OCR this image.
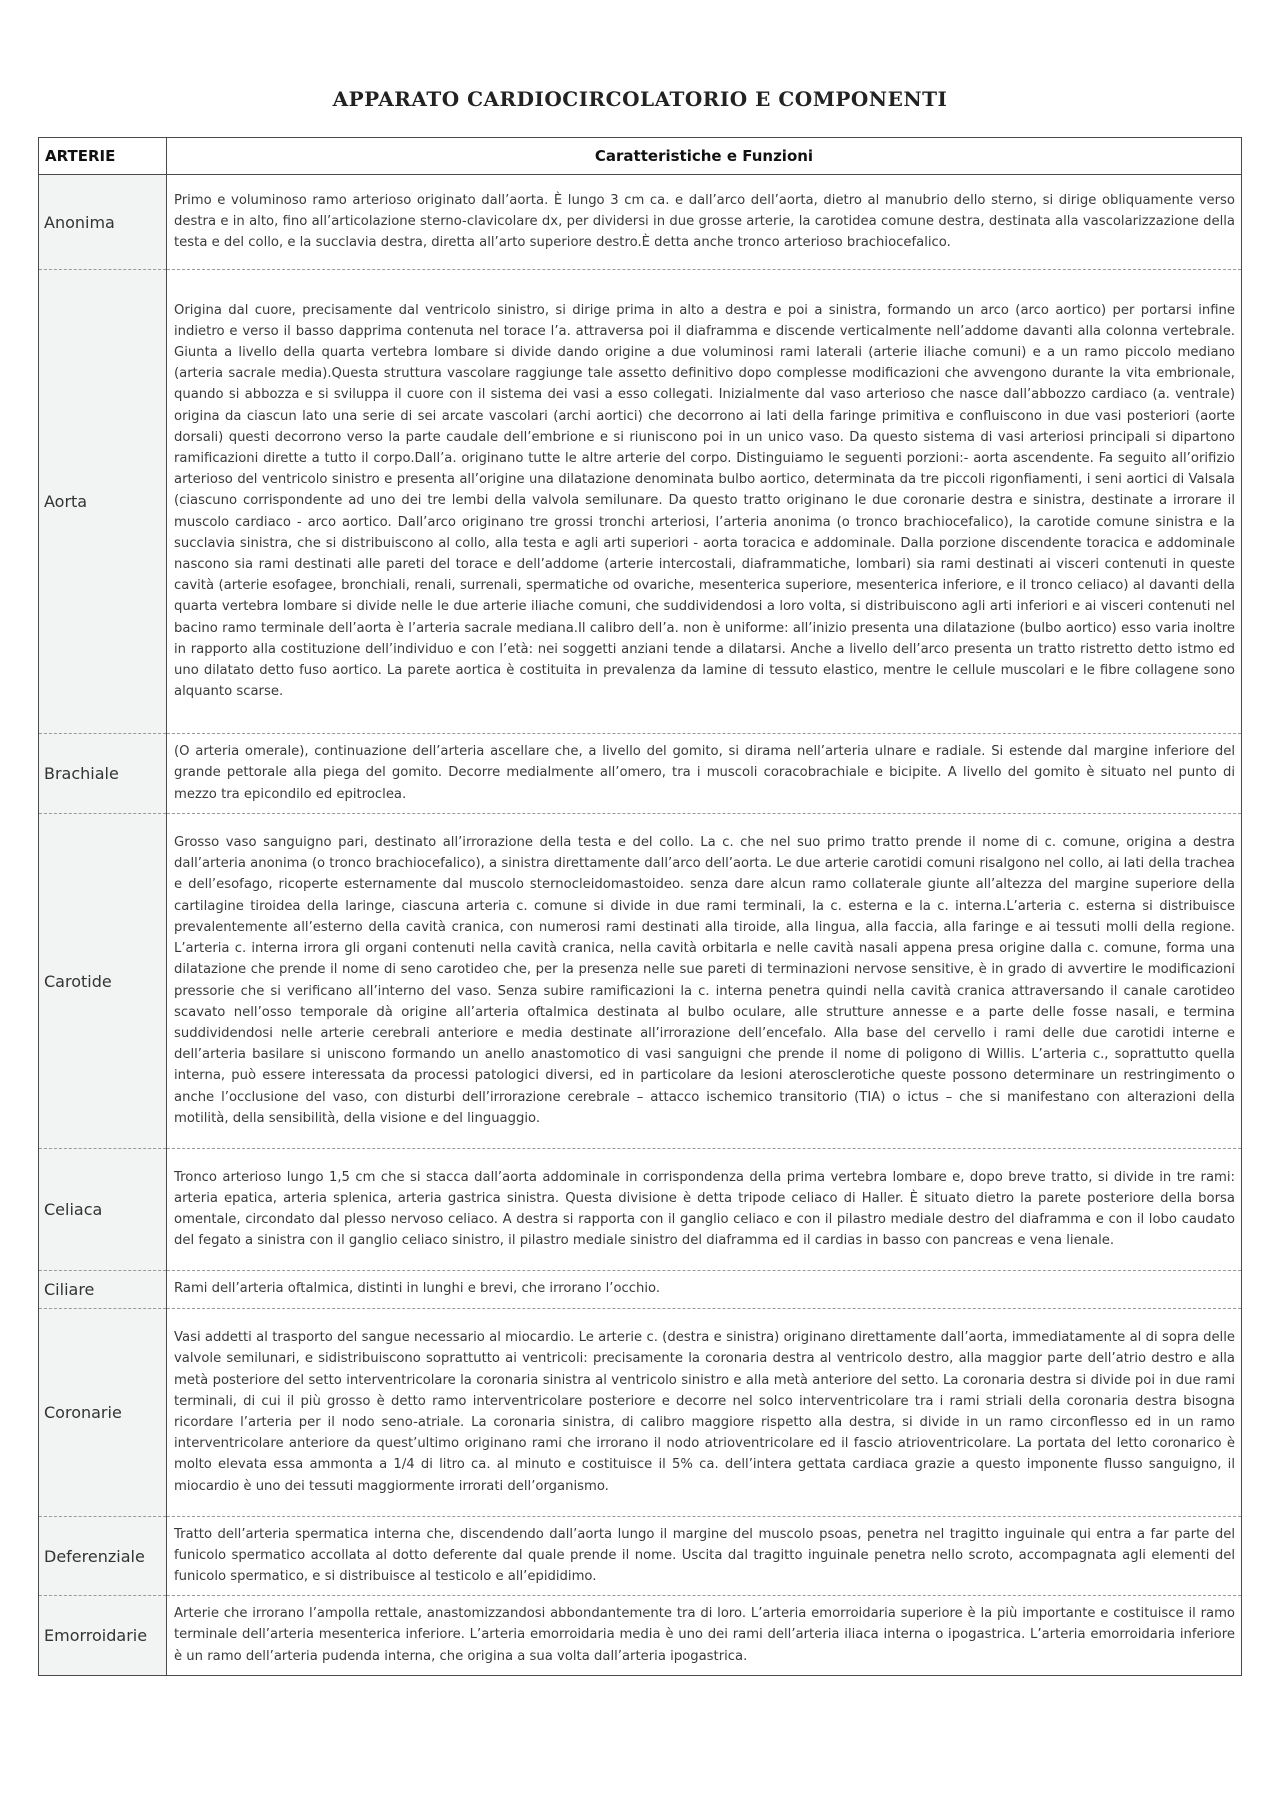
APPARATO CARDIOCIRCOLATORIO E COMPONENTI
ARTERIE	Caratteristiche e Funzioni
Anonima	Primo e voluminoso ramo arterioso originato dall’aorta. È lungo 3 cm ca. e dall’arco dell’aorta, dietro al manubrio dello sterno, si dirige obliquamente verso destra e in alto, fino all’articolazione sterno-clavicolare dx, per dividersi in due grosse arterie, la carotidea comune destra, destinata alla vascolarizzazione della testa e del collo, e la succlavia destra, diretta all’arto superiore destro.È detta anche tronco arterioso brachiocefalico.
Aorta	Origina dal cuore, precisamente dal ventricolo sinistro, si dirige prima in alto a destra e poi a sinistra, formando un arco (arco aortico) per portarsi infine indietro e verso il basso dapprima contenuta nel torace l’a. attraversa poi il diaframma e discende verticalmente nell’addome davanti alla colonna vertebrale. Giunta a livello della quarta vertebra lombare si divide dando origine a due voluminosi rami laterali (arterie iliache comuni) e a un ramo piccolo mediano (arteria sacrale media).Questa struttura vascolare raggiunge tale assetto definitivo dopo complesse modificazioni che avvengono durante la vita embrionale, quando si abbozza e si sviluppa il cuore con il sistema dei vasi a esso collegati. Inizialmente dal vaso arterioso che nasce dall’abbozzo cardiaco (a. ventrale) origina da ciascun lato una serie di sei arcate vascolari (archi aortici) che decorrono ai lati della faringe primitiva e confluiscono in due vasi posteriori (aorte dorsali) questi decorrono verso la parte caudale dell’embrione e si riuniscono poi in un unico vaso. Da questo sistema di vasi arteriosi principali si dipartono ramificazioni dirette a tutto il corpo.Dall’a. originano tutte le altre arterie del corpo. Distinguiamo le seguenti porzioni:- aorta ascendente. Fa seguito all’orifizio arterioso del ventricolo sinistro e presenta all’origine una dilatazione denominata bulbo aortico, determinata da tre piccoli rigonfiamenti, i seni aortici di Valsala (ciascuno corrispondente ad uno dei tre lembi della valvola semilunare. Da questo tratto originano le due coronarie destra e sinistra, destinate a irrorare il muscolo cardiaco - arco aortico. Dall’arco originano tre grossi tronchi arteriosi, l’arteria anonima (o tronco brachiocefalico), la carotide comune sinistra e la succlavia sinistra, che si distribuiscono al collo, alla testa e agli arti superiori - aorta toracica e addominale. Dalla porzione discendente toracica e addominale nascono sia rami destinati alle pareti del torace e dell’addome (arterie intercostali, diaframmatiche, lombari) sia rami destinati ai visceri contenuti in queste cavità (arterie esofagee, bronchiali, renali, surrenali, spermatiche od ovariche, mesenterica superiore, mesenterica inferiore, e il tronco celiaco) al davanti della quarta vertebra lombare si divide nelle le due arterie iliache comuni, che suddividendosi a loro volta, si distribuiscono agli arti inferiori e ai visceri contenuti nel bacino ramo terminale dell’aorta è l’arteria sacrale mediana.Il calibro dell’a. non è uniforme: all’inizio presenta una dilatazione (bulbo aortico) esso varia inoltre in rapporto alla costituzione dell’individuo e con l’età: nei soggetti anziani tende a dilatarsi. Anche a livello dell’arco presenta un tratto ristretto detto istmo ed uno dilatato detto fuso aortico. La parete aortica è costituita in prevalenza da lamine di tessuto elastico, mentre le cellule muscolari e le fibre collagene sono alquanto scarse.
Brachiale	(O arteria omerale), continuazione dell’arteria ascellare che, a livello del gomito, si dirama nell’arteria ulnare e radiale. Si estende dal margine inferiore del grande pettorale alla piega del gomito. Decorre medialmente all’omero, tra i muscoli coracobrachiale e bicipite. A livello del gomito è situato nel punto di mezzo tra epicondilo ed epitroclea.
Carotide	Grosso vaso sanguigno pari, destinato all’irrorazione della testa e del collo. La c. che nel suo primo tratto prende il nome di c. comune, origina a destra dall’arteria anonima (o tronco brachiocefalico), a sinistra direttamente dall’arco dell’aorta. Le due arterie carotidi comuni risalgono nel collo, ai lati della trachea e dell’esofago, ricoperte esternamente dal muscolo sternocleidomastoideo. senza dare alcun ramo collaterale giunte all’altezza del margine superiore della cartilagine tiroidea della laringe, ciascuna arteria c. comune si divide in due rami terminali, la c. esterna e la c. interna.L’arteria c. esterna si distribuisce prevalentemente all’esterno della cavità cranica, con numerosi rami destinati alla tiroide, alla lingua, alla faccia, alla faringe e ai tessuti molli della regione. L’arteria c. interna irrora gli organi contenuti nella cavità cranica, nella cavità orbitarla e nelle cavità nasali appena presa origine dalla c. comune, forma una dilatazione che prende il nome di seno carotideo che, per la presenza nelle sue pareti di terminazioni nervose sensitive, è in grado di avvertire le modificazioni pressorie che si verificano all’interno del vaso. Senza subire ramificazioni la c. interna penetra quindi nella cavità cranica attraversando il canale carotideo scavato nell’osso temporale dà origine all’arteria oftalmica destinata al bulbo oculare, alle strutture annesse e a parte delle fosse nasali, e termina suddividendosi nelle arterie cerebrali anteriore e media destinate all’irrorazione dell’encefalo. Alla base del cervello i rami delle due carotidi interne e dell’arteria basilare si uniscono formando un anello anastomotico di vasi sanguigni che prende il nome di poligono di Willis. L’arteria c., soprattutto quella interna, può essere interessata da processi patologici diversi, ed in particolare da lesioni aterosclerotiche queste possono determinare un restringimento o anche l’occlusione del vaso, con disturbi dell’irrorazione cerebrale – attacco ischemico transitorio (TIA) o ictus – che si manifestano con alterazioni della motilità, della sensibilità, della visione e del linguaggio.
Celiaca	Tronco arterioso lungo 1,5 cm che si stacca dall’aorta addominale in corrispondenza della prima vertebra lombare e, dopo breve tratto, si divide in tre rami: arteria epatica, arteria splenica, arteria gastrica sinistra. Questa divisione è detta tripode celiaco di Haller. È situato dietro la parete posteriore della borsa omentale, circondato dal plesso nervoso celiaco. A destra si rapporta con il ganglio celiaco e con il pilastro mediale destro del diaframma e con il lobo caudato del fegato a sinistra con il ganglio celiaco sinistro, il pilastro mediale sinistro del diaframma ed il cardias in basso con pancreas e vena lienale.
Ciliare	Rami dell’arteria oftalmica, distinti in lunghi e brevi, che irrorano l’occhio.
Coronarie	Vasi addetti al trasporto del sangue necessario al miocardio. Le arterie c. (destra e sinistra) originano direttamente dall’aorta, immediatamente al di sopra delle valvole semilunari, e sidistribuiscono soprattutto ai ventricoli: precisamente la coronaria destra al ventricolo destro, alla maggior parte dell’atrio destro e alla metà posteriore del setto interventricolare la coronaria sinistra al ventricolo sinistro e alla metà anteriore del setto. La coronaria destra si divide poi in due rami terminali, di cui il più grosso è detto ramo interventricolare posteriore e decorre nel solco interventricolare tra i rami striali della coronaria destra bisogna ricordare l’arteria per il nodo seno-atriale. La coronaria sinistra, di calibro maggiore rispetto alla destra, si divide in un ramo circonflesso ed in un ramo interventricolare anteriore da quest’ultimo originano rami che irrorano il nodo atrioventricolare ed il fascio atrioventricolare. La portata del letto coronarico è molto elevata essa ammonta a 1/4 di litro ca. al minuto e costituisce il 5% ca. dell’intera gettata cardiaca grazie a questo imponente flusso sanguigno, il miocardio è uno dei tessuti maggiormente irrorati dell’organismo.
Deferenziale	Tratto dell’arteria spermatica interna che, discendendo dall’aorta lungo il margine del muscolo psoas, penetra nel tragitto inguinale qui entra a far parte del funicolo spermatico accollata al dotto deferente dal quale prende il nome. Uscita dal tragitto inguinale penetra nello scroto, accompagnata agli elementi del funicolo spermatico, e si distribuisce al testicolo e all’epididimo.
Emorroidarie	Arterie che irrorano l’ampolla rettale, anastomizzandosi abbondantemente tra di loro. L’arteria emorroidaria superiore è la più importante e costituisce il ramo terminale dell’arteria mesenterica inferiore. L’arteria emorroidaria media è uno dei rami dell’arteria iliaca interna o ipogastrica. L’arteria emorroidaria inferiore è un ramo dell’arteria pudenda interna, che origina a sua volta dall’arteria ipogastrica.
